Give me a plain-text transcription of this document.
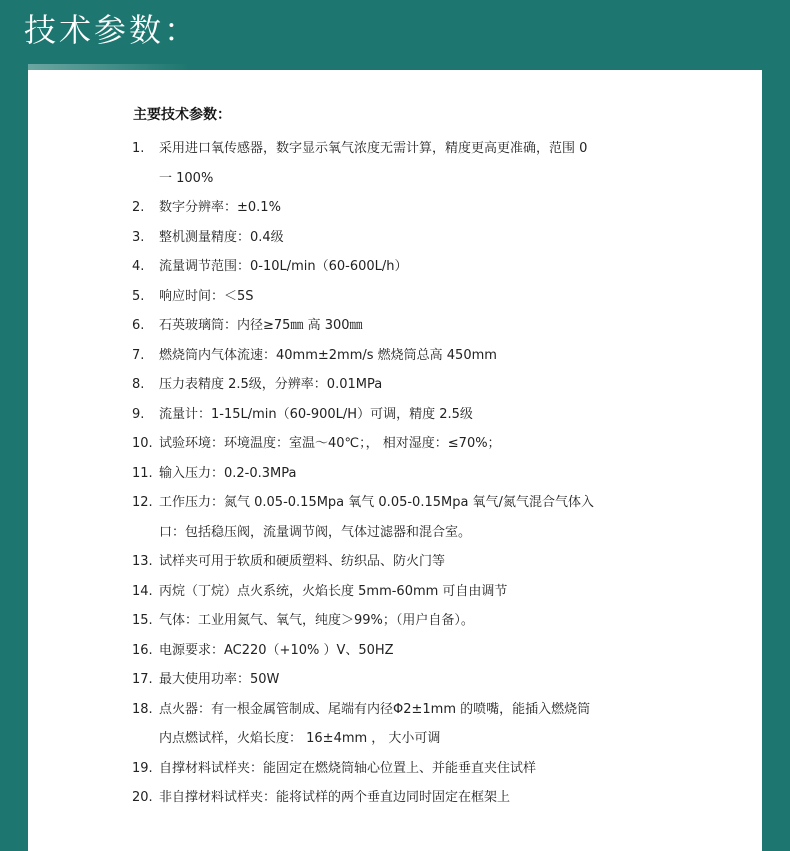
技术参数：
主要技术参数：
1.	采用进口氧传感器，数字显示氧气浓度无需计算，精度更高更准确，范围 0
一 100%
2.	数字分辨率：±0.1%
3.	整机测量精度：0.4级
4.	流量调节范围：0-10L/min（60-600L/h）
5.	响应时间：＜5S
6.	石英玻璃筒：内径≥75㎜ 高 300㎜
7.	燃烧筒内气体流速：40mm±2mm/s 燃烧筒总高 450mm
8.	压力表精度 2.5级，分辨率：0.01MPa
9.	流量计：1-15L/min（60-900L/H）可调，精度 2.5级
10. 试验环境：环境温度：室温～40℃；， 相对湿度：≤70%；
11. 输入压力：0.2-0.3MPa
12. 工作压力：氮气 0.05-0.15Mpa 氧气 0.05-0.15Mpa 氧气/氮气混合气体入
口：包括稳压阀，流量调节阀，气体过滤器和混合室。
13. 试样夹可用于软质和硬质塑料、纺织品、防火门等
14. 丙烷（丁烷）点火系统，火焰长度 5mm-60mm 可自由调节
15. 气体：工业用氮气、氧气，纯度＞99%；（用户自备）。
16. 电源要求：AC220（+10% ）V、50HZ
17. 最大使用功率：50W
18. 点火器：有一根金属管制成、尾端有内径Φ2±1mm 的喷嘴，能插入燃烧筒
内点燃试样，火焰长度： 16±4mm ， 大小可调
19. 自撑材料试样夹：能固定在燃烧筒轴心位置上、并能垂直夹住试样
20. 非自撑材料试样夹：能将试样的两个垂直边同时固定在框架上
